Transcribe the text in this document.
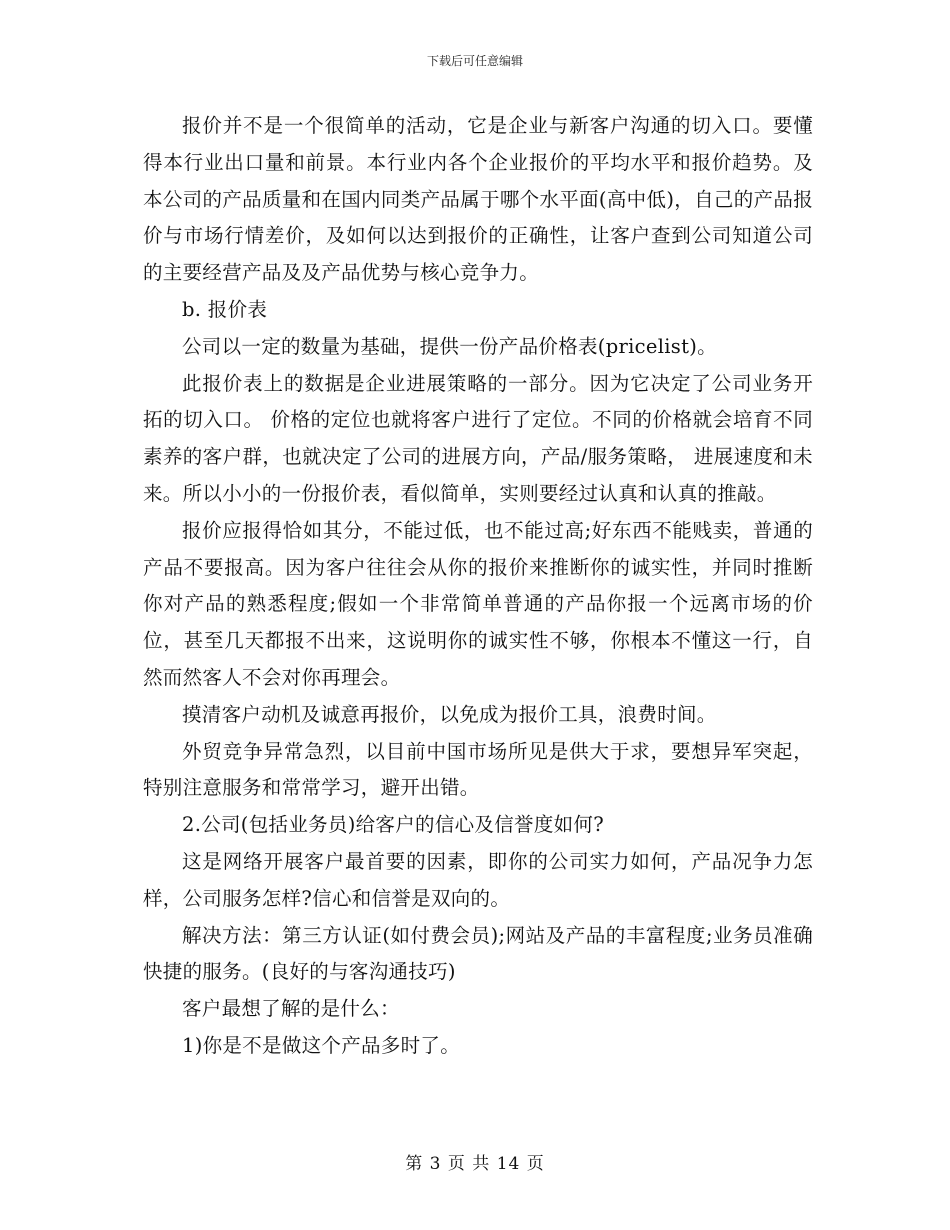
下载后可任意编辑

报价并不是一个很简单的活动，它是企业与新客户沟通的切入口。要懂得本行业出口量和前景。本行业内各个企业报价的平均水平和报价趋势。及本公司的产品质量和在国内同类产品属于哪个水平面(高中低)，自己的产品报价与市场行情差价，及如何以达到报价的正确性，让客户查到公司知道公司的主要经营产品及及产品优势与核心竞争力。

b. 报价表

公司以一定的数量为基础，提供一份产品价格表(pricelist)。

此报价表上的数据是企业进展策略的一部分。因为它决定了公司业务开拓的切入口。 价格的定位也就将客户进行了定位。不同的价格就会培育不同素养的客户群，也就决定了公司的进展方向，产品/服务策略， 进展速度和未来。所以小小的一份报价表，看似简单，实则要经过认真和认真的推敲。

报价应报得恰如其分，不能过低，也不能过高;好东西不能贱卖，普通的产品不要报高。因为客户往往会从你的报价来推断你的诚实性，并同时推断你对产品的熟悉程度;假如一个非常简单普通的产品你报一个远离市场的价位，甚至几天都报不出来，这说明你的诚实性不够，你根本不懂这一行，自然而然客人不会对你再理会。

摸清客户动机及诚意再报价，以免成为报价工具，浪费时间。

外贸竞争异常急烈，以目前中国市场所见是供大于求，要想异军突起，特别注意服务和常常学习，避开出错。

2.公司(包括业务员)给客户的信心及信誉度如何?

这是网络开展客户最首要的因素，即你的公司实力如何，产品况争力怎样，公司服务怎样?信心和信誉是双向的。

解决方法：第三方认证(如付费会员);网站及产品的丰富程度;业务员准确快捷的服务。(良好的与客沟通技巧)

客户最想了解的是什么：

1)你是不是做这个产品多时了。

第 3 页 共 14 页
